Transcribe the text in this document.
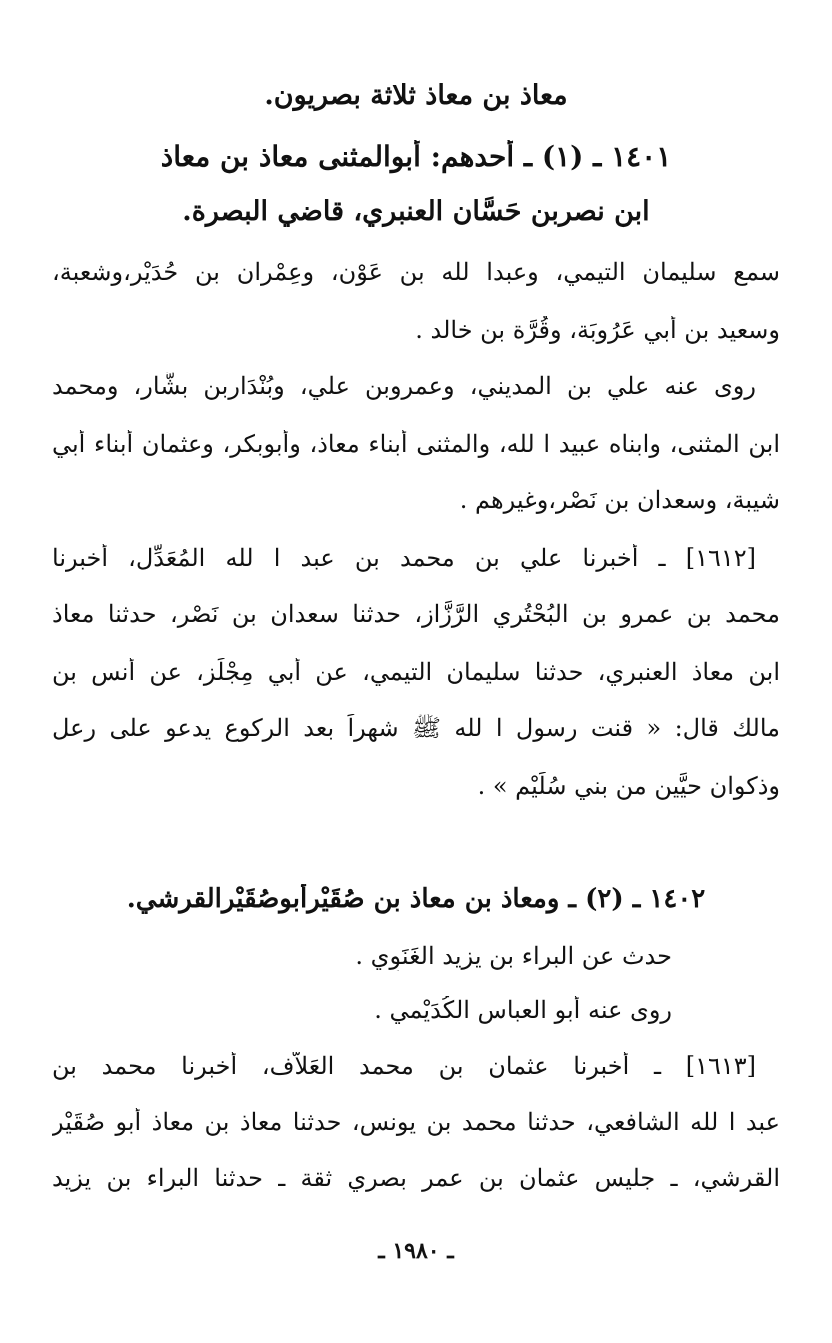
معاذ بن معاذ ثلاثة بصريون.
١٤٠١ ـ (١) ـ أحدهم: أبوالمثنى معاذ بن معاذ
ابن نصربن حَسَّان العنبري، قاضي البصرة.
سمع سليمان التيمي، وعبدا لله بن عَوْن، وعِمْران بن حُدَيْر،وشعبة،
وسعيد بن أبي عَرُوبَة، وقُرَّة بن خالد .
روى عنه علي بن المديني، وعمروبن علي، وبُنْدَاربن بشَّار، ومحمد
ابن المثنى، وابناه عبيد ا لله، والمثنى أبناء معاذ، وأبوبكر، وعثمان أبناء أبي
شيبة، وسعدان بن نَصْر،وغيرهم .
[١٦١٢] ـ أخبرنا علي بن محمد بن عبد ا لله المُعَدِّل، أخبرنا
محمد بن عمرو بن البُحْتُري الرَّزَّاز، حدثنا سعدان بن نَصْر، حدثنا معاذ
ابن معاذ العنبري، حدثنا سليمان التيمي، عن أبي مِجْلَز، عن أنس بن
مالك قال: « قنت رسول ا لله ﷺ شهراً بعد الركوع يدعو على رعل
وذكوان حيَّين من بني سُلَيْم » .
١٤٠٢ ـ (٢) ـ ومعاذ بن معاذ بن صُقَيْرأبوصُقَيْرالقرشي.
حدث عن البراء بن يزيد الغَنَوِي .
روى عنه أبو العباس الكُدَيْمي .
[١٦١٣] ـ أخبرنا عثمان بن محمد العَلاَّف، أخبرنا محمد بن
عبد ا لله الشافعي، حدثنا محمد بن يونس، حدثنا معاذ بن معاذ أبو صُقَيْر
القرشي، ـ جليس عثمان بن عمر بصري ثقة ـ حدثنا البراء بن يزيد
ـ ١٩٨٠ ـ
